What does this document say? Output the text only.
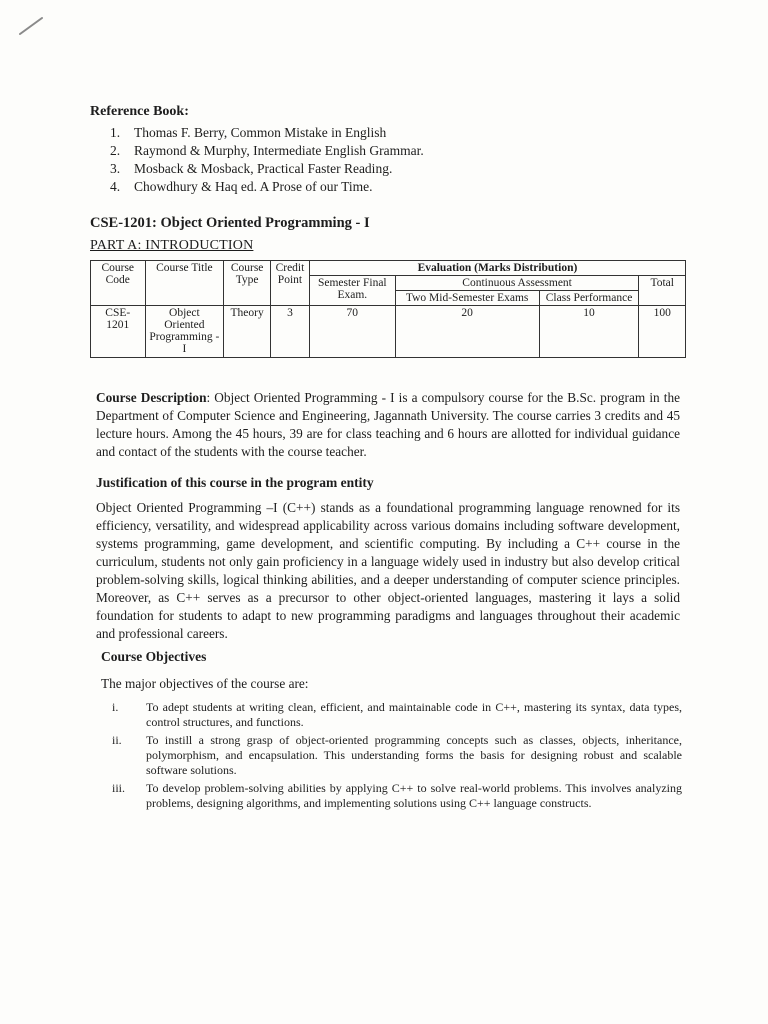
Reference Book:
1.	Thomas F. Berry, Common Mistake in English
2.	Raymond & Murphy, Intermediate English Grammar.
3.	Mosback & Mosback, Practical Faster Reading.
4.	Chowdhury & Haq ed. A Prose of our Time.
CSE-1201: Object Oriented Programming - I
PART A: INTRODUCTION
Course Code	Course Title	Course Type	Credit Point	Evaluation (Marks Distribution)			
				Semester Final Exam.	Continuous Assessment		Total
					Two Mid-Semester Exams	Class Performance	
CSE-1201	Object Oriented Programming - I	Theory	3	70	20	10	100

Course Description: Object Oriented Programming - I is a compulsory course for the B.Sc. program in the Department of Computer Science and Engineering, Jagannath University. The course carries 3 credits and 45 lecture hours. Among the 45 hours, 39 are for class teaching and 6 hours are allotted for individual guidance and contact of the students with the course teacher.

Justification of this course in the program entity

Object Oriented Programming –I (C++) stands as a foundational programming language renowned for its efficiency, versatility, and widespread applicability across various domains including software development, systems programming, game development, and scientific computing. By including a C++ course in the curriculum, students not only gain proficiency in a language widely used in industry but also develop critical problem-solving skills, logical thinking abilities, and a deeper understanding of computer science principles. Moreover, as C++ serves as a precursor to other object-oriented languages, mastering it lays a solid foundation for students to adapt to new programming paradigms and languages throughout their academic and professional careers.

Course Objectives
The major objectives of the course are:
i.	To adept students at writing clean, efficient, and maintainable code in C++, mastering its syntax, data types, control structures, and functions.
ii.	To instill a strong grasp of object-oriented programming concepts such as classes, objects, inheritance, polymorphism, and encapsulation. This understanding forms the basis for designing robust and scalable software solutions.
iii.	To develop problem-solving abilities by applying C++ to solve real-world problems. This involves analyzing problems, designing algorithms, and implementing solutions using C++ language constructs.
